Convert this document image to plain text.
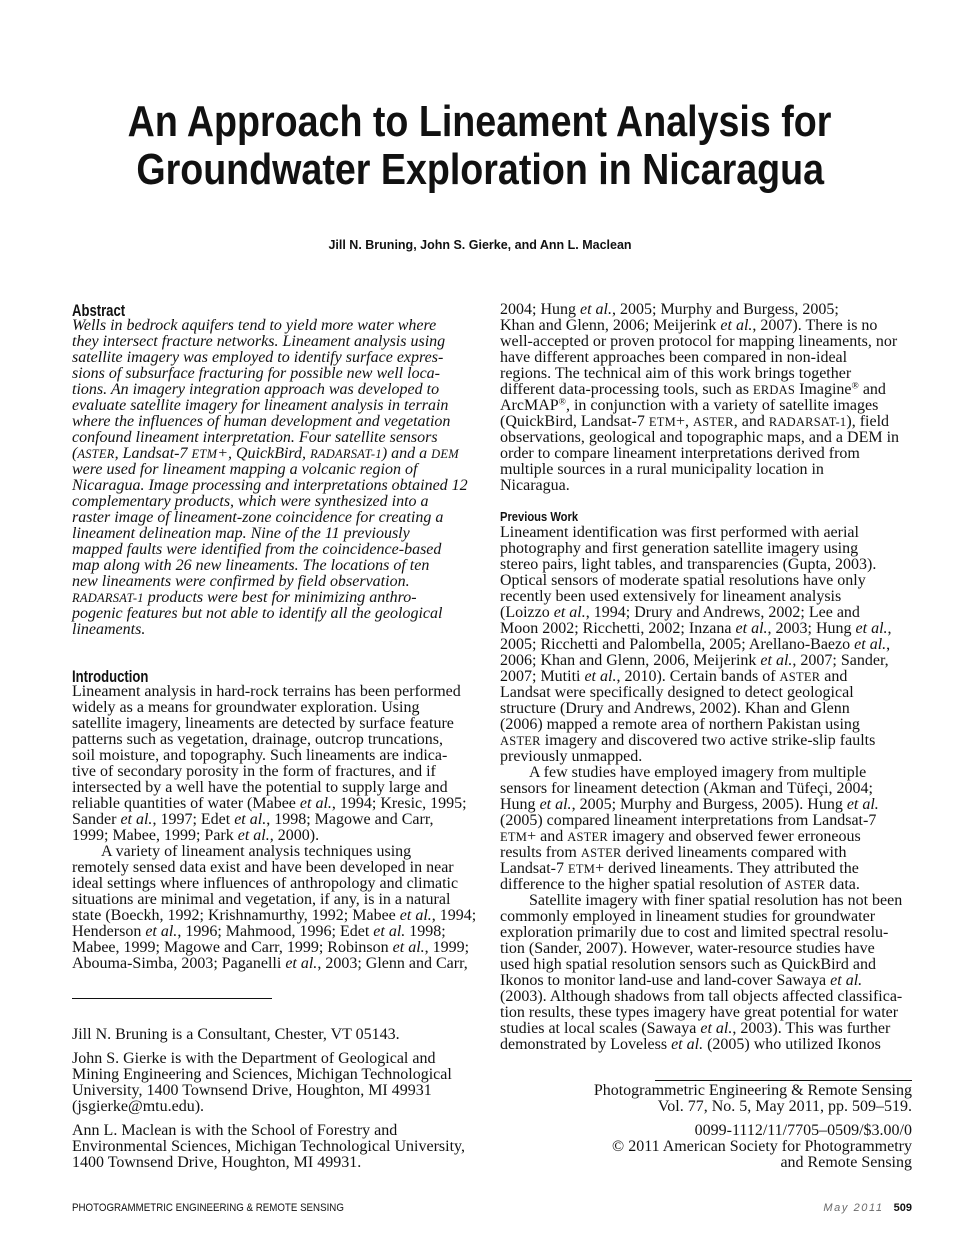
An Approach to Lineament Analysis for
Groundwater Exploration in Nicaragua
Jill N. Bruning, John S. Gierke, and Ann L. Maclean
Abstract
Wells in bedrock aquifers tend to yield more water where
they intersect fracture networks. Lineament analysis using
satellite imagery was employed to identify surface expres-
sions of subsurface fracturing for possible new well loca-
tions. An imagery integration approach was developed to
evaluate satellite imagery for lineament analysis in terrain
where the influences of human development and vegetation
confound lineament interpretation. Four satellite sensors
(ASTER, Landsat-7 ETM+, QuickBird, RADARSAT-1) and a DEM
were used for lineament mapping a volcanic region of
Nicaragua. Image processing and interpretations obtained 12
complementary products, which were synthesized into a
raster image of lineament-zone coincidence for creating a
lineament delineation map. Nine of the 11 previously
mapped faults were identified from the coincidence-based
map along with 26 new lineaments. The locations of ten
new lineaments were confirmed by field observation.
RADARSAT-1 products were best for minimizing anthro-
pogenic features but not able to identify all the geological
lineaments.
Introduction
Lineament analysis in hard-rock terrains has been performed
widely as a means for groundwater exploration. Using
satellite imagery, lineaments are detected by surface feature
patterns such as vegetation, drainage, outcrop truncations,
soil moisture, and topography. Such lineaments are indica-
tive of secondary porosity in the form of fractures, and if
intersected by a well have the potential to supply large and
reliable quantities of water (Mabee et al., 1994; Kresic, 1995;
Sander et al., 1997; Edet et al., 1998; Magowe and Carr,
1999; Mabee, 1999; Park et al., 2000).
A variety of lineament analysis techniques using
remotely sensed data exist and have been developed in near
ideal settings where influences of anthropology and climatic
situations are minimal and vegetation, if any, is in a natural
state (Boeckh, 1992; Krishnamurthy, 1992; Mabee et al., 1994;
Henderson et al., 1996; Mahmood, 1996; Edet et al. 1998;
Mabee, 1999; Magowe and Carr, 1999; Robinson et al., 1999;
Abouma-Simba, 2003; Paganelli et al., 2003; Glenn and Carr,
Jill N. Bruning is a Consultant, Chester, VT 05143.
John S. Gierke is with the Department of Geological and
Mining Engineering and Sciences, Michigan Technological
University, 1400 Townsend Drive, Houghton, MI 49931
(jsgierke@mtu.edu).
Ann L. Maclean is with the School of Forestry and
Environmental Sciences, Michigan Technological University,
1400 Townsend Drive, Houghton, MI 49931.
2004; Hung et al., 2005; Murphy and Burgess, 2005;
Khan and Glenn, 2006; Meijerink et al., 2007). There is no
well-accepted or proven protocol for mapping lineaments, nor
have different approaches been compared in non-ideal
regions. The technical aim of this work brings together
different data-processing tools, such as ERDAS Imagine® and
ArcMAP®, in conjunction with a variety of satellite images
(QuickBird, Landsat-7 ETM+, ASTER, and RADARSAT-1), field
observations, geological and topographic maps, and a DEM in
order to compare lineament interpretations derived from
multiple sources in a rural municipality location in
Nicaragua.
Previous Work
Lineament identification was first performed with aerial
photography and first generation satellite imagery using
stereo pairs, light tables, and transparencies (Gupta, 2003).
Optical sensors of moderate spatial resolutions have only
recently been used extensively for lineament analysis
(Loizzo et al., 1994; Drury and Andrews, 2002; Lee and
Moon 2002; Ricchetti, 2002; Inzana et al., 2003; Hung et al.,
2005; Ricchetti and Palombella, 2005; Arellano-Baezo et al.,
2006; Khan and Glenn, 2006, Meijerink et al., 2007; Sander,
2007; Mutiti et al., 2010). Certain bands of ASTER and
Landsat were specifically designed to detect geological
structure (Drury and Andrews, 2002). Khan and Glenn
(2006) mapped a remote area of northern Pakistan using
ASTER imagery and discovered two active strike-slip faults
previously unmapped.
A few studies have employed imagery from multiple
sensors for lineament detection (Akman and Tüfeçi, 2004;
Hung et al., 2005; Murphy and Burgess, 2005). Hung et al.
(2005) compared lineament interpretations from Landsat-7
ETM+ and ASTER imagery and observed fewer erroneous
results from ASTER derived lineaments compared with
Landsat-7 ETM+ derived lineaments. They attributed the
difference to the higher spatial resolution of ASTER data.
Satellite imagery with finer spatial resolution has not been
commonly employed in lineament studies for groundwater
exploration primarily due to cost and limited spectral resolu-
tion (Sander, 2007). However, water-resource studies have
used high spatial resolution sensors such as QuickBird and
Ikonos to monitor land-use and land-cover Sawaya et al.
(2003). Although shadows from tall objects affected classifica-
tion results, these types imagery have great potential for water
studies at local scales (Sawaya et al., 2003). This was further
demonstrated by Loveless et al. (2005) who utilized Ikonos
Photogrammetric Engineering & Remote Sensing
Vol. 77, No. 5, May 2011, pp. 509–519.
0099-1112/11/7705–0509/$3.00/0
© 2011 American Society for Photogrammetry
and Remote Sensing
PHOTOGRAMMETRIC ENGINEERING & REMOTE SENSING	May 2011 509
